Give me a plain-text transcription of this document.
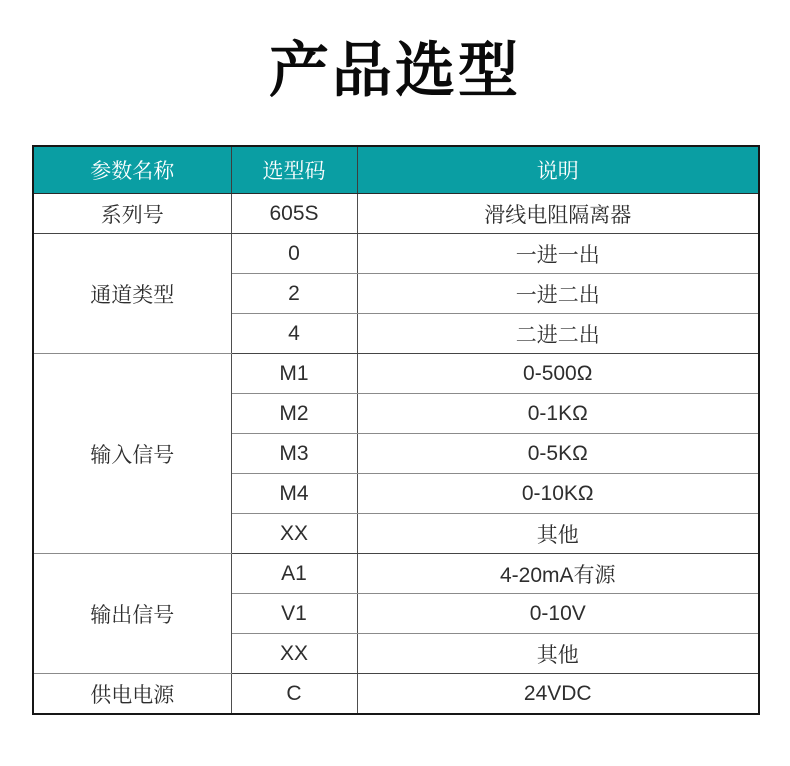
产品选型
参数名称	选型码	说明
系列号	605S	滑线电阻隔离器
通道类型	0	一进一出
	2	一进二出
	4	二进二出
输入信号	M1	0-500Ω
	M2	0-1KΩ
	M3	0-5KΩ
	M4	0-10KΩ
	XX	其他
输出信号	A1	4-20mA有源
	V1	0-10V
	XX	其他
供电电源	C	24VDC
